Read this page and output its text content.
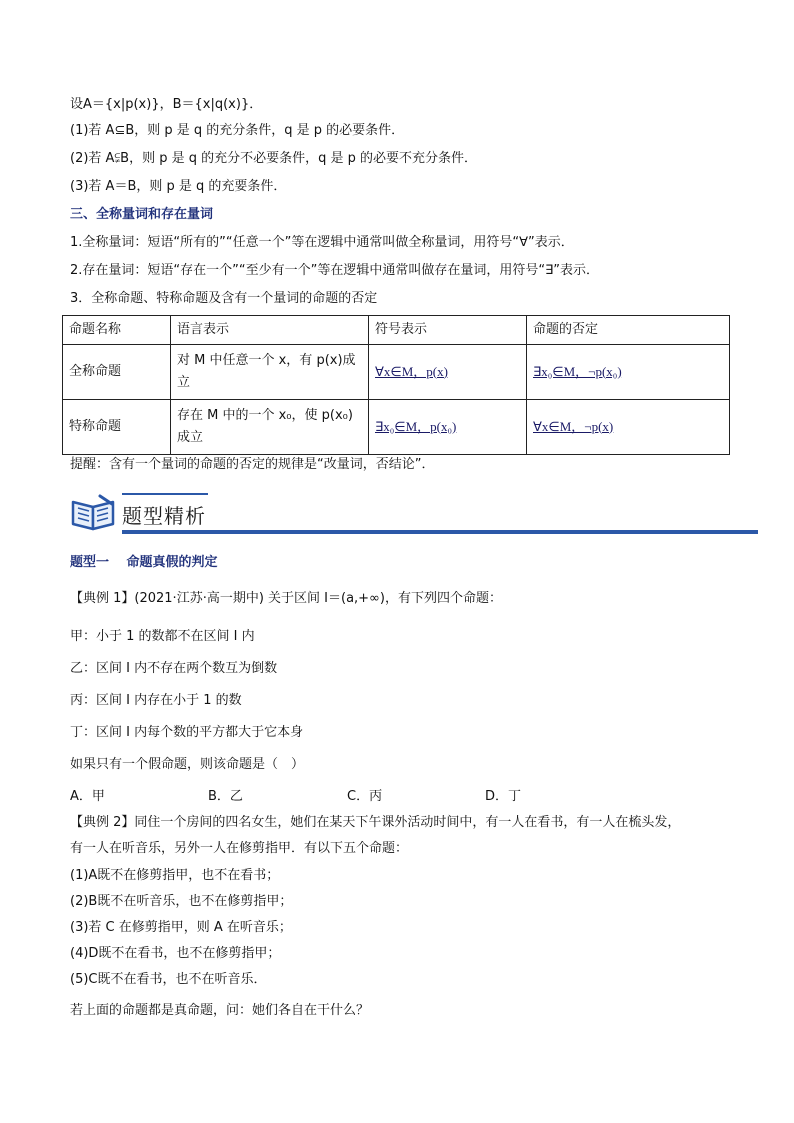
设A＝{x|p(x)}，B＝{x|q(x)}．
(1)若 A⊆B，则 p 是 q 的充分条件，q 是 p 的必要条件．
(2)若 A⫋B，则 p 是 q 的充分不必要条件，q 是 p 的必要不充分条件．
(3)若 A＝B，则 p 是 q 的充要条件．
三、全称量词和存在量词
1.全称量词：短语“所有的”“任意一个”等在逻辑中通常叫做全称量词，用符号“∀”表示．
2.存在量词：短语“存在一个”“至少有一个”等在逻辑中通常叫做存在量词，用符号“∃”表示．
3．全称命题、特称命题及含有一个量词的命题的否定
命题名称	语言表示	符号表示	命题的否定
全称命题	对 M 中任意一个 x，有 p(x)成立	∀x∈M，p(x)	∃x₀∈M，¬p(x₀)
特称命题	存在 M 中的一个 x₀，使 p(x₀)成立	∃x₀∈M，p(x₀)	∀x∈M，¬p(x)
提醒：含有一个量词的命题的否定的规律是“改量词，否结论”．
题型精析
题型一　 命题真假的判定
【典例 1】(2021·江苏·高一期中) 关于区间 I＝(a,+∞)，有下列四个命题：
甲：小于 1 的数都不在区间 I 内
乙：区间 I 内不存在两个数互为倒数
丙：区间 I 内存在小于 1 的数
丁：区间 I 内每个数的平方都大于它本身
如果只有一个假命题，则该命题是（　）
A．甲	B．乙	C．丙	D．丁
【典例 2】同住一个房间的四名女生，她们在某天下午课外活动时间中，有一人在看书，有一人在梳头发，
有一人在听音乐，另外一人在修剪指甲．有以下五个命题：
(1)A既不在修剪指甲，也不在看书；
(2)B既不在听音乐，也不在修剪指甲；
(3)若 C 在修剪指甲，则 A 在听音乐；
(4)D既不在看书，也不在修剪指甲；
(5)C既不在看书，也不在听音乐．
若上面的命题都是真命题，问：她们各自在干什么？
